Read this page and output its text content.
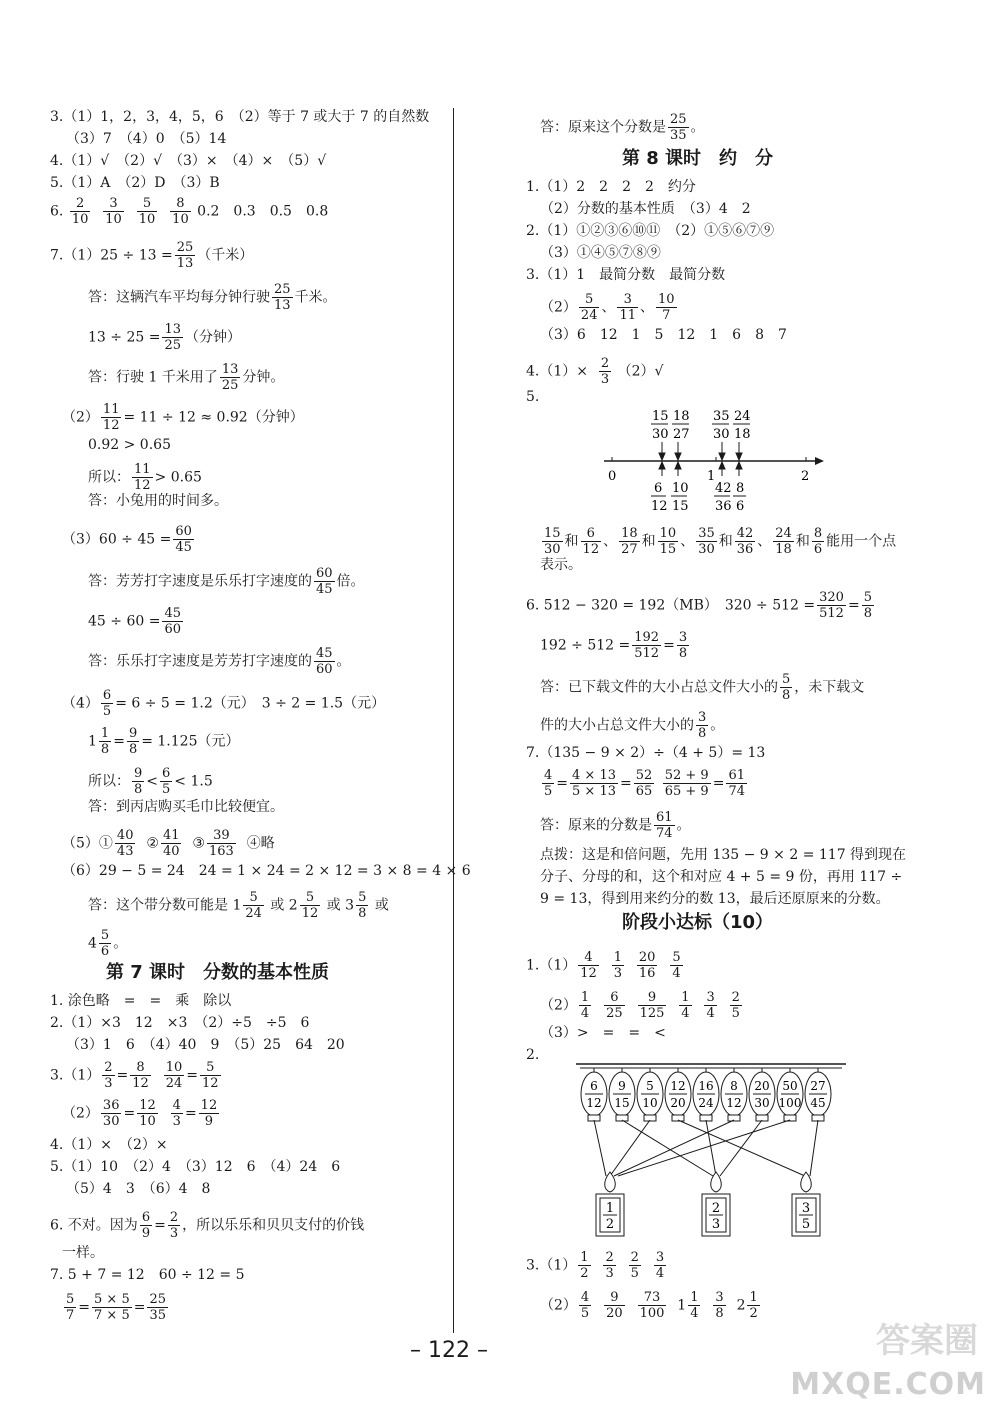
3.（1）1，2，3，4，5，6　（2）等于 7 或大于 7 的自然数
（3）7　（4）0　（5）14
4.（1）√　（2）√　（3）×　（4）×　（5）√
5.（1）A　（2）D　（3）B
6. $\frac{2}{10}$
$\frac{3}{10}$
$\frac{5}{10}$
$\frac{8}{10} 0.2$　0.3　0.5　0.8
$7.(1)25 \div 13 = \frac{25}{13}$ （千米）
答：这辆汽车平均每分钟行驶 $\frac{25}{13}$ 千米。
$13 \div 25 = \frac{13}{25}$ （分钟）
答：行驶 1 千米用了 $\frac{13}{25}$ 分钟。
$(2) \frac{11}{12} = 11 \div 12 \approx 0.92$（分钟）
0.92 > 0.65
所以： $\frac{11}{12} > 0.65$
答：小兔用的时间多。
$(3)60 \div 45 = \frac{60}{45}$
答：芳芳打字速度是乐乐打字速度的 $\frac{60}{45}$ 倍。
$45 \div 60 = \frac{45}{60}$
答：乐乐打字速度是芳芳打字速度的 $\frac{45}{60}$ 。
$(4) \frac{6}{5} = 6 \div 5 = 1.2$（元）　3 ÷ 2 = 1.5（元）
$1 \frac{1}{8} = \frac{9}{8} = 1.125$（元）
所以： $\frac{9}{8} < \frac{6}{5} < 1.5$
答：到丙店购买毛巾比较便宜。
（5）① $\frac{40}{43}$ ② $\frac{41}{40}$ ③ $\frac{39}{163}$ ④略
（6）29 − 5 = 24　24 = 1 × 24 = 2 × 12 = 3 × 8 = 4 × 6
答：这个带分数可能是 $1 \frac{5}{24}$ 或 $2 \frac{5}{12}$ 或 $3 \frac{5}{8}$ 或
$4 \frac{5}{6}$ 。
第 7 课时　分数的基本性质
1. 涂色略　=　=　乘　除以
2.（1）×3　12　×3　（2）÷5　÷5　6
（3）1　6　（4）40　9　（5）25　64　20
$3.(1) \frac{2}{3} = \frac{8}{12}$
$\frac{10}{24} = \frac{5}{12}$
$(2) \frac{36}{30} = \frac{12}{10}$
$\frac{4}{3} = \frac{12}{9}$
4.（1）×　（2）×
5.（1）10　（2）4　（3）12　6　（4）24　6
（5）4　3　（6）4　8
6. 不对。因为 $\frac{6}{9} = \frac{2}{3}$ ，所以乐乐和贝贝支付的价钱
一样。
7. 5 + 7 = 12　60 ÷ 12 = 5
$\frac{5}{7} = \frac{5 \times 5}{7 \times 5} = \frac{25}{35}$
答：原来这个分数是 $\frac{25}{35}$ 。
第 8 课时　约　分
1.（1）2　2　2　2　约分
（2）分数的基本性质　（3）4　2
2.（1）①②③⑥⑩⑪　（2）①⑤⑥⑦⑨
（3）①④⑤⑦⑧⑨
3.（1）1　最简分数　最简分数
$(2) \frac{5}{24}$ 、 $\frac{3}{11}$ 、 $\frac{10}{7}$
（3）6　12　1　5　12　1　6　8　7
$4.(1)\times \frac{2}{3} (2)√$
5.
0	1	2
15
30
18
27
35
30
24
18
6
12
10
15
42
36
8
6
$\frac{15}{30}$ 和 $\frac{6}{12}$ 、 $\frac{18}{27}$ 和 $\frac{10}{15}$ 、 $\frac{35}{30}$ 和 $\frac{42}{36}$ 、 $\frac{24}{18}$ 和 $\frac{8}{6}$ 能用一个点
表示。
6. 512 − 320 = 192（MB）　$320 \div 512 = \frac{320}{512} = \frac{5}{8}$
$192 \div 512 = \frac{192}{512} = \frac{3}{8}$
答：已下载文件的大小占总文件大小的 $\frac{5}{8}$ ，未下载文
件的大小占总文件大小的 $\frac{3}{8}$ 。
7.（135 − 9 × 2）÷（4 + 5）= 13
$\frac{4}{5} = \frac{4 \times 13}{5 \times 13} = \frac{52}{65}$
$\frac{52 + 9}{65 + 9} = \frac{61}{74}$
答：原来的分数是 $\frac{61}{74}$ 。
点拨：这是和倍问题，先用 135 − 9 × 2 = 117 得到现在
分子、分母的和，这个和对应 4 + 5 = 9 份，再用 117 ÷
9 = 13，得到用来约分的数 13，最后还原原来的分数。
阶段小达标（10）
$1.(1) \frac{4}{12}$
$\frac{1}{3}$
$\frac{20}{16}$
$\frac{5}{4}$
$(2) \frac{1}{4}$
$\frac{6}{25}$
$\frac{9}{125}$
$\frac{1}{4}$
$\frac{3}{4}$
$\frac{2}{5}$
（3）>　=　=　<
2.
6
12
9
15
5
10
12
20
16
24
8
12
20
30
50
100
27
45
1
2
2
3
3
5
$3.(1) \frac{1}{2}$
$\frac{2}{3}$
$\frac{2}{5}$
$\frac{3}{4}$
$(2) \frac{4}{5}$
$\frac{9}{20}$
$\frac{73}{100} 1 \frac{1}{4}$
$\frac{3}{8} 2 \frac{1}{2}$
– 122 –	答案圈
MXQE.COM
